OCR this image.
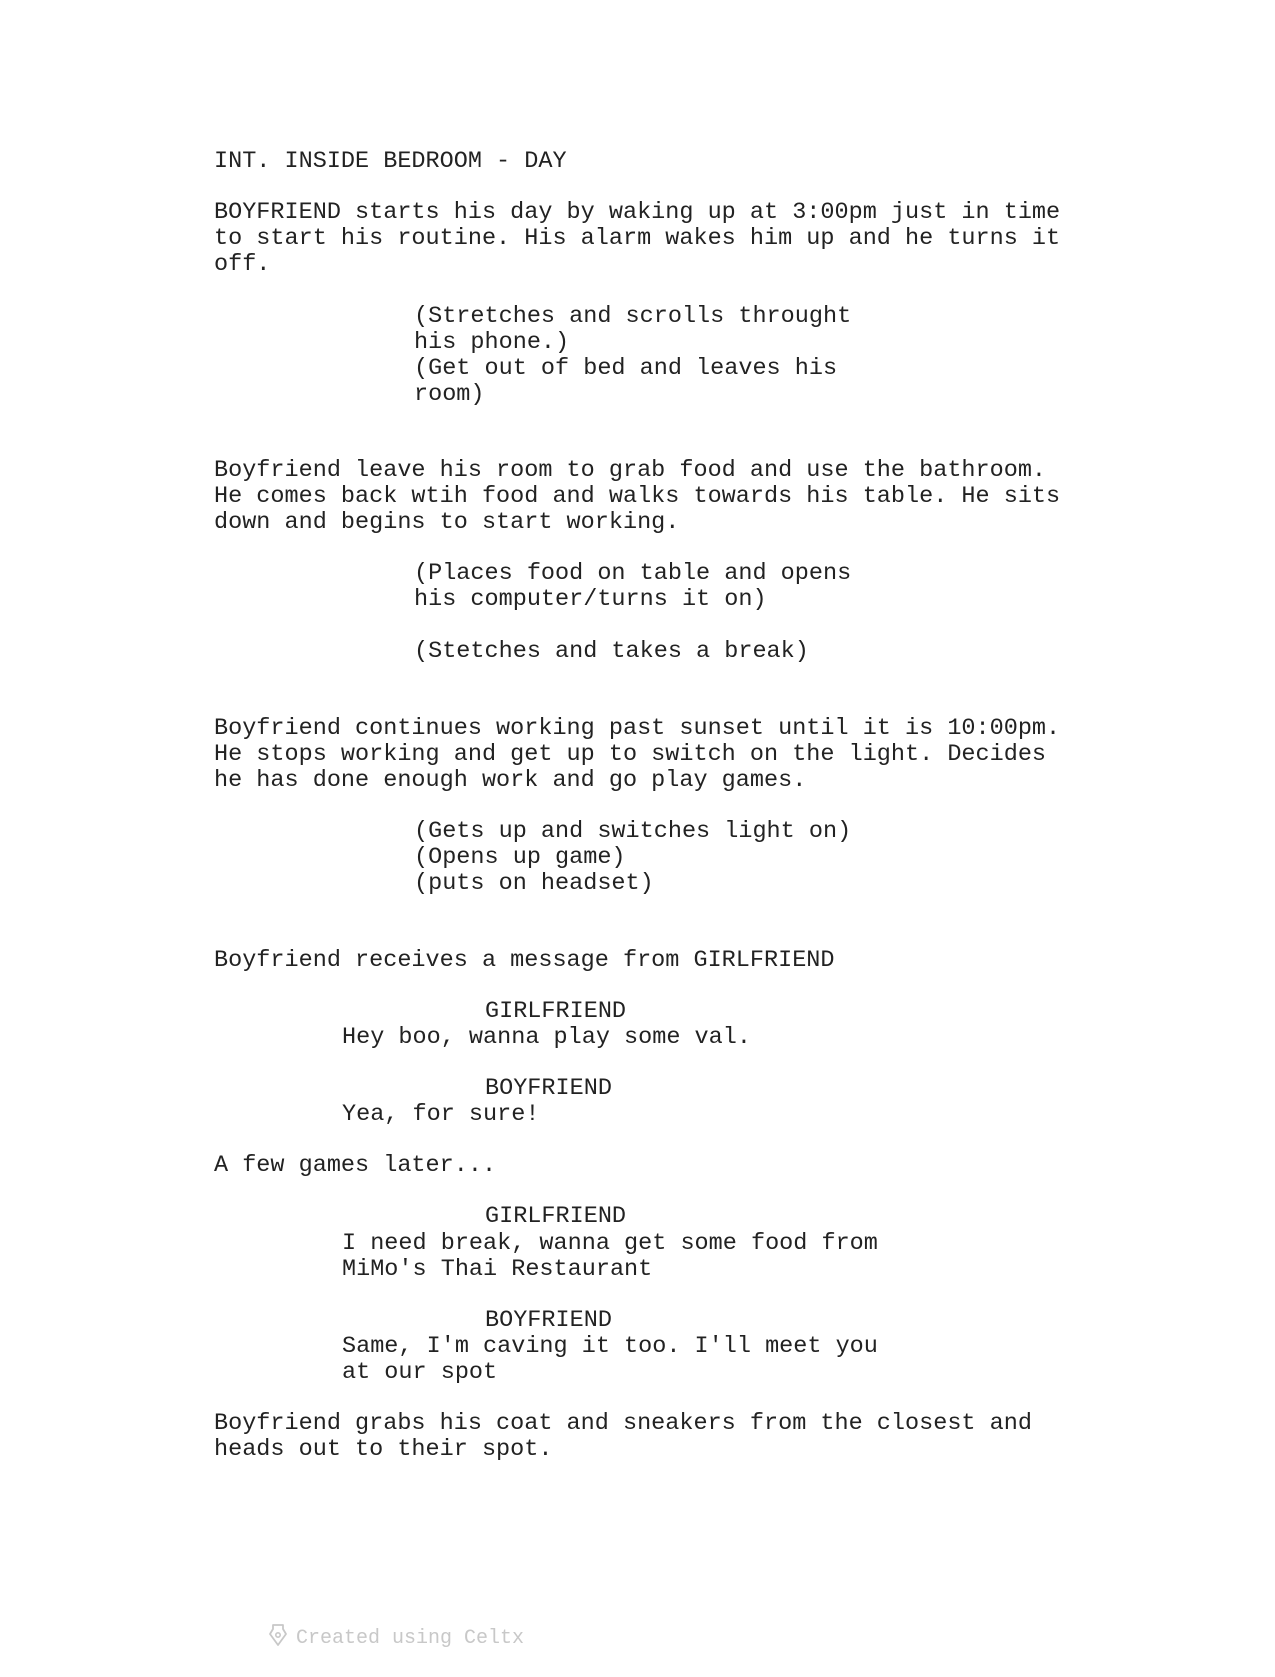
INT. INSIDE BEDROOM - DAY

BOYFRIEND starts his day by waking up at 3:00pm just in time

to start his routine. His alarm wakes him up and he turns it

off.

(Stretches and scrolls throught

his phone.)

(Get out of bed and leaves his

room)

Boyfriend leave his room to grab food and use the bathroom.

He comes back wtih food and walks towards his table. He sits

down and begins to start working.

(Places food on table and opens

his computer/turns it on)

(Stetches and takes a break)

Boyfriend continues working past sunset until it is 10:00pm.

He stops working and get up to switch on the light. Decides

he has done enough work and go play games.

(Gets up and switches light on)

(Opens up game)

(puts on headset)

Boyfriend receives a message from GIRLFRIEND

GIRLFRIEND

Hey boo, wanna play some val.

BOYFRIEND

Yea, for sure!

A few games later...

GIRLFRIEND

I need break, wanna get some food from

MiMo's Thai Restaurant

BOYFRIEND

Same, I'm caving it too. I'll meet you

at our spot

Boyfriend grabs his coat and sneakers from the closest and

heads out to their spot.

Created using Celtx
